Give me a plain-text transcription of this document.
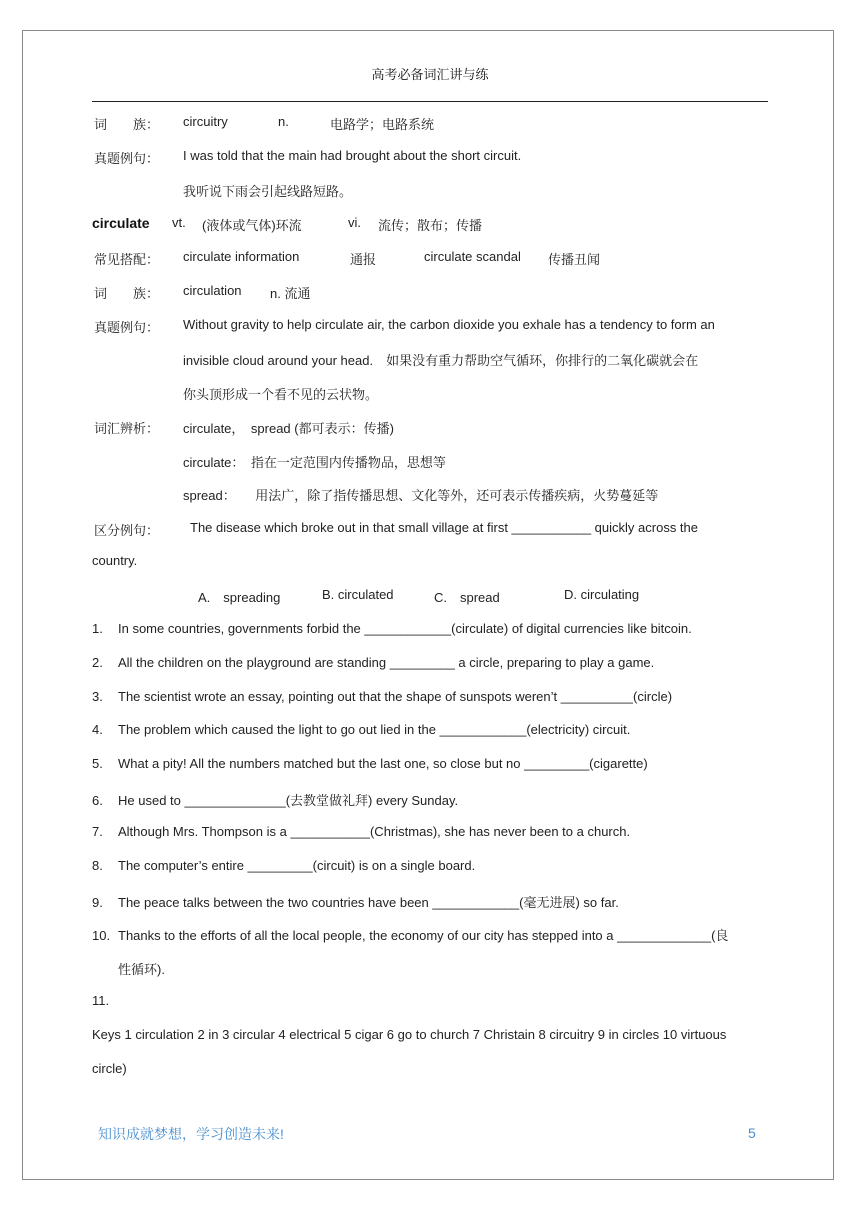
高考必备词汇讲与练
词　　族： circuitry	n.	电路学；电路系统
真题例句： I was told that the main had brought about the short circuit.
我听说下雨会引起线路短路。
circulate vt. (液体或气体)环流	vi. 流传；散布；传播
常见搭配： circulate information	通报	circulate scandal 传播丑闻
词　　族： circulation n. 流通
真题例句： Without gravity to help circulate air, the carbon dioxide you exhale has a tendency to form an
invisible cloud around your head.　如果没有重力帮助空气循环，你排行的二氧化碳就会在
你头顶形成一个看不见的云状物。
词汇辨析： circulate，　spread (都可表示：传播)
circulate：　指在一定范围内传播物品，思想等
spread：　　用法广，除了指传播思想、文化等外，还可表示传播疾病，火势蔓延等
区分例句： The disease which broke out in that small village at first ___________ quickly across the
country.
A.　spreading	B. circulated	C.　spread	D. circulating
1. In some countries, governments forbid the ____________(circulate) of digital currencies like bitcoin.
2. All the children on the playground are standing _________ a circle, preparing to play a game.
3. The scientist wrote an essay, pointing out that the shape of sunspots weren’t __________(circle)
4. The problem which caused the light to go out lied in the ____________(electricity) circuit.
5. What a pity! All the numbers matched but the last one, so close but no _________(cigarette)
6. He used to ______________(去教堂做礼拜) every Sunday.
7. Although Mrs. Thompson is a ___________(Christmas), she has never been to a church.
8. The computer’s entire _________(circuit) is on a single board.
9. The peace talks between the two countries have been ____________(毫无进展) so far.
10. Thanks to the efforts of all the local people, the economy of our city has stepped into a _____________(良
性循环).
11.
Keys 1 circulation 2 in 3 circular 4 electrical 5 cigar 6 go to church 7 Christain 8 circuitry 9 in circles 10 virtuous
circle)
知识成就梦想，学习创造未来!	5
